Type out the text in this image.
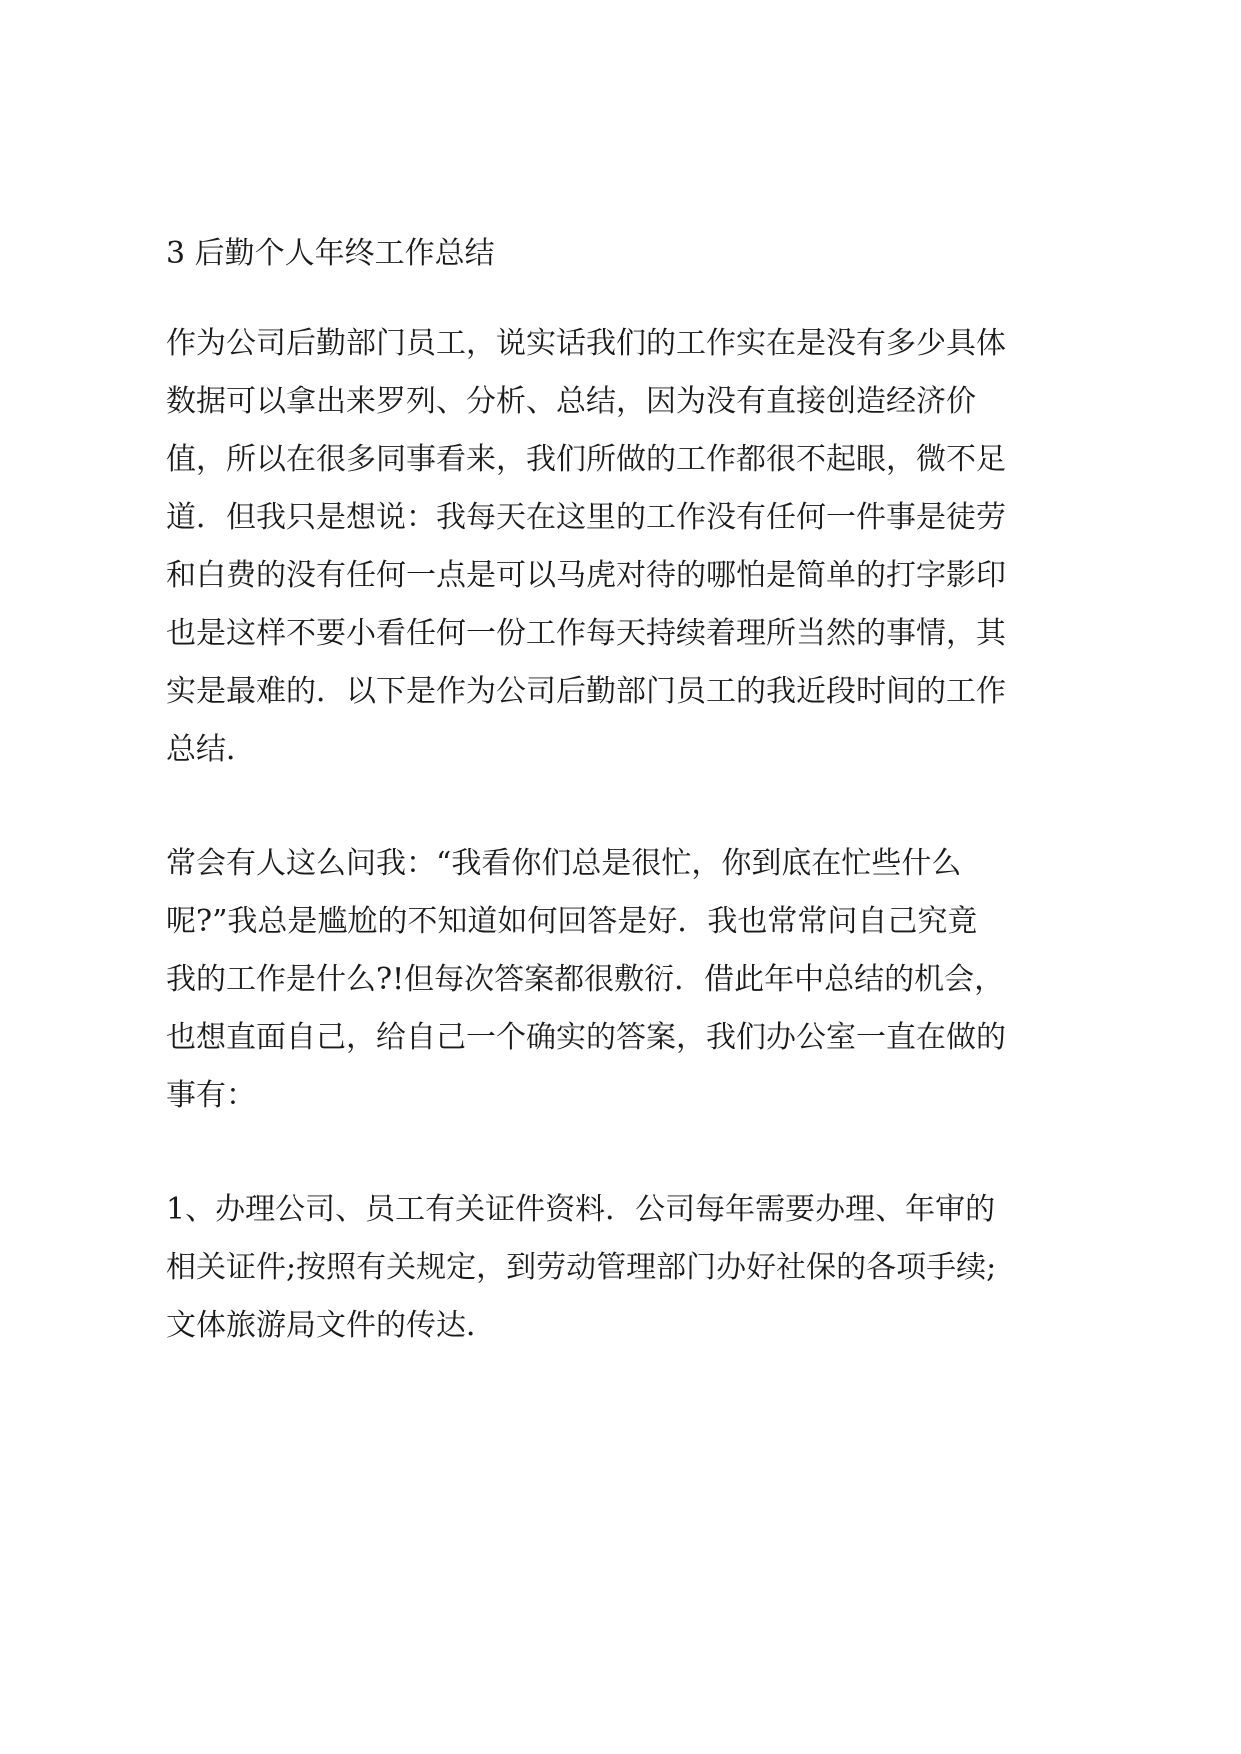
3 后勤个人年终工作总结

作为公司后勤部门员工，说实话我们的工作实在是没有多少具体

数据可以拿出来罗列、分析、总结，因为没有直接创造经济价

值，所以在很多同事看来，我们所做的工作都很不起眼，微不足

道．但我只是想说：我每天在这里的工作没有任何一件事是徒劳

和白费的没有任何一点是可以马虎对待的哪怕是简单的打字影印

也是这样不要小看任何一份工作每天持续着理所当然的事情，其

实是最难的．以下是作为公司后勤部门员工的我近段时间的工作

总结．

常会有人这么问我：“我看你们总是很忙，你到底在忙些什么

呢?”我总是尴尬的不知道如何回答是好．我也常常问自己究竟

我的工作是什么?!但每次答案都很敷衍．借此年中总结的机会，

也想直面自己，给自己一个确实的答案，我们办公室一直在做的

事有：

1、办理公司、员工有关证件资料．公司每年需要办理、年审的

相关证件;按照有关规定，到劳动管理部门办好社保的各项手续;

文体旅游局文件的传达．
